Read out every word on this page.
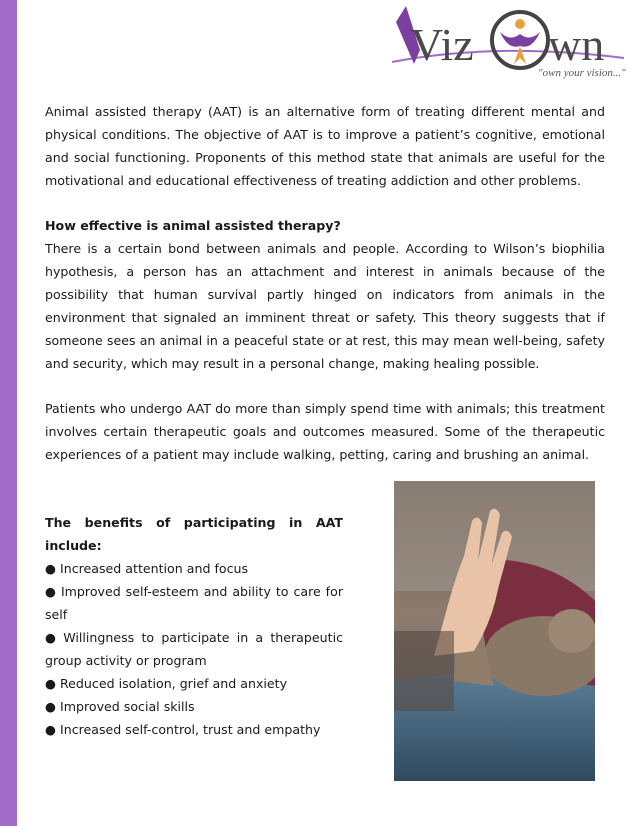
Viz wn
"own your vision..."

Animal assisted therapy (AAT) is an alternative form of treating different mental and physical conditions. The objective of AAT is to improve a patient’s cognitive, emotional and social functioning. Proponents of this method state that animals are useful for the motivational and educational effectiveness of treating addiction and other problems.

How effective is animal assisted therapy?

There is a certain bond between animals and people. According to Wilson’s biophilia hypothesis, a person has an attachment and interest in animals because of the possibility that human survival partly hinged on indicators from animals in the environment that signaled an imminent threat or safety. This theory suggests that if someone sees an animal in a peaceful state or at rest, this may mean well-being, safety and security, which may result in a personal change, making healing possible.

Patients who undergo AAT do more than simply spend time with animals; this treatment involves certain therapeutic goals and outcomes measured. Some of the therapeutic experiences of a patient may include walking, petting, caring and brushing an animal.

The benefits of participating in AAT include:

● Increased attention and focus
● Improved self-esteem and ability to care for self
● Willingness to participate in a therapeutic group activity or program
● Reduced isolation, grief and anxiety
● Improved social skills
● Increased self-control, trust and empathy
